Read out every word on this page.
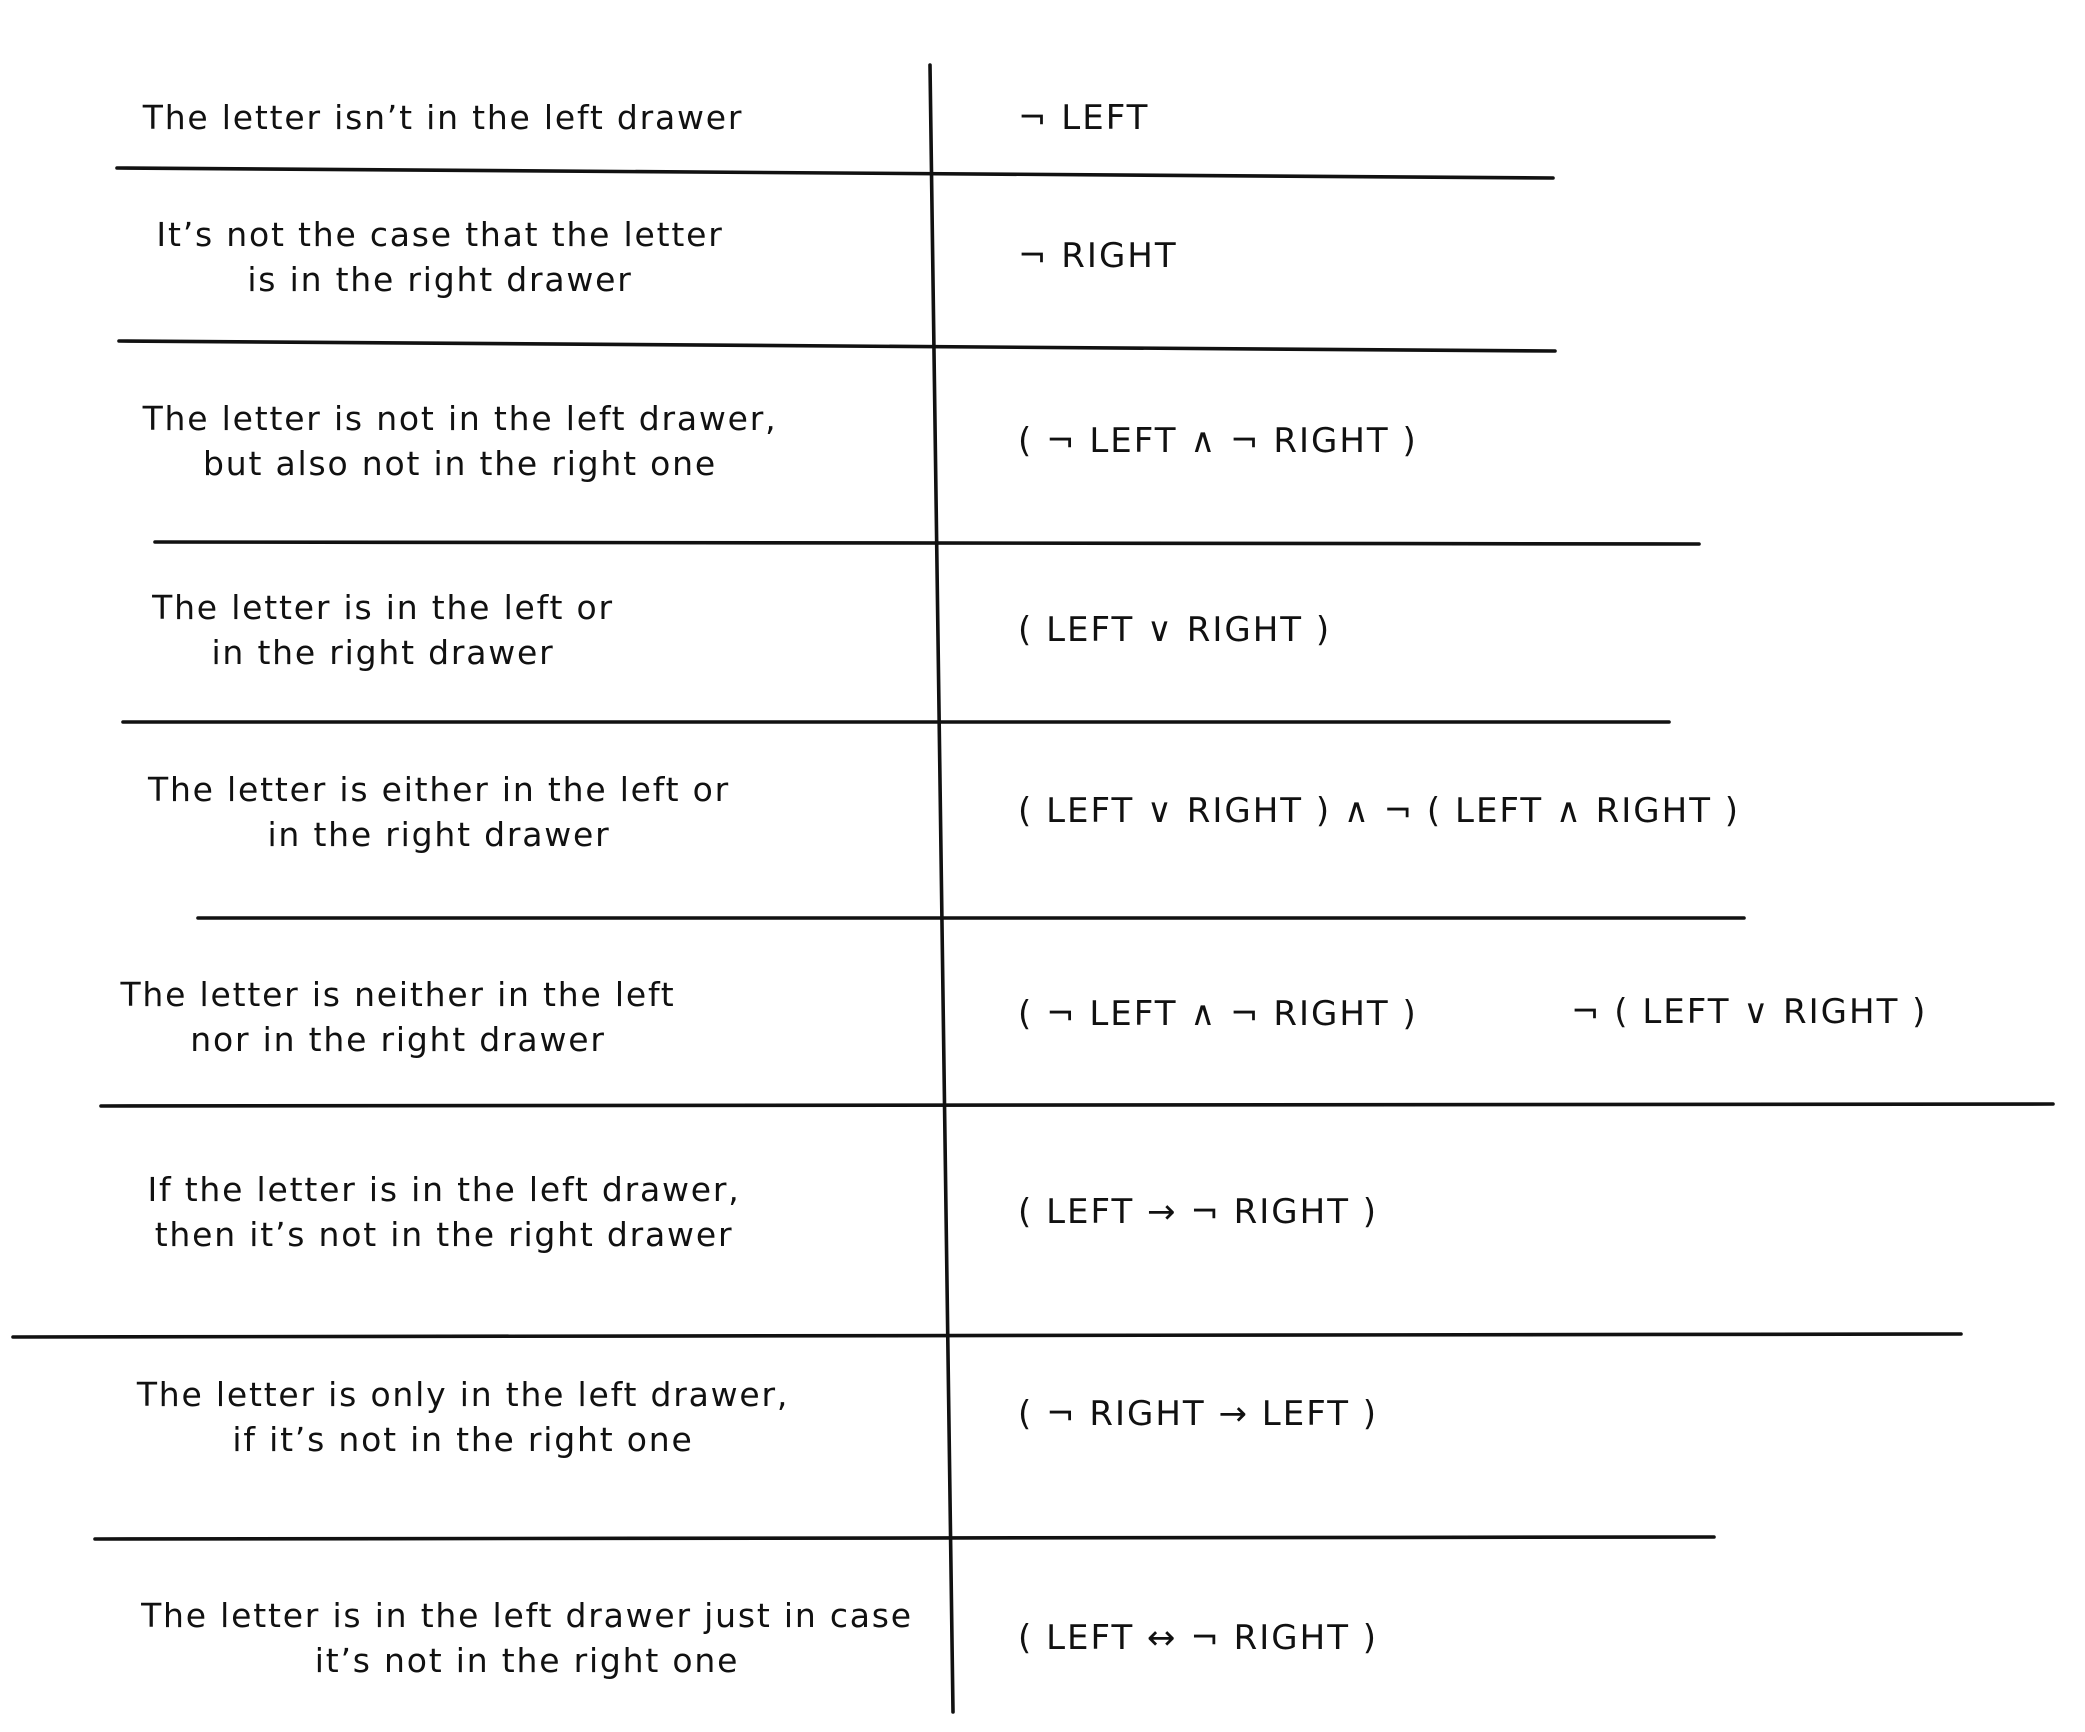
The letter isn’t in the left drawer	¬ LEFT
It’s not the case that the letter
is in the right drawer
¬ RIGHT
The letter is not in the left drawer,
but also not in the right one
( ¬ LEFT ∧ ¬ RIGHT )
The letter is in the left or
in the right drawer
( LEFT ∨ RIGHT )
The letter is either in the left or
in the right drawer
( LEFT ∨ RIGHT ) ∧ ¬ ( LEFT ∧ RIGHT )
The letter is neither in the left
nor in the right drawer
( ¬ LEFT ∧ ¬ RIGHT )	¬ ( LEFT ∨ RIGHT )
If the letter is in the left drawer,
then it’s not in the right drawer
( LEFT → ¬ RIGHT )
The letter is only in the left drawer,
if it’s not in the right one
( ¬ RIGHT → LEFT )
The letter is in the left drawer just in case
it’s not in the right one
( LEFT ↔ ¬ RIGHT )
